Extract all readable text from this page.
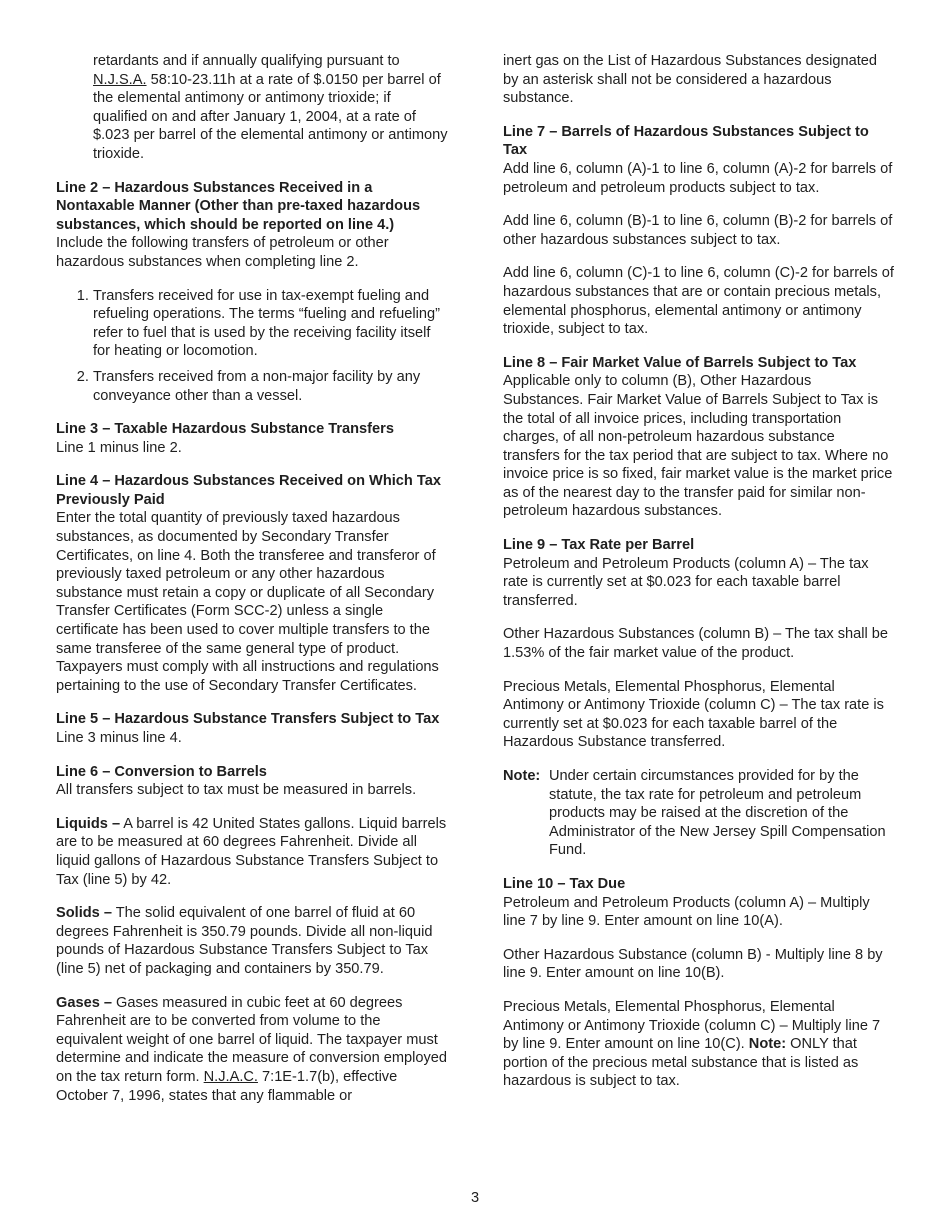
retardants and if annually qualifying pursuant to N.J.S.A. 58:10-23.11h at a rate of $.0150 per barrel of the elemental antimony or antimony trioxide; if qualified on and after January 1, 2004, at a rate of $.023 per barrel of the elemental antimony or antimony trioxide.

Line 2 – Hazardous Substances Received in a Nontaxable Manner (Other than pre-taxed hazardous substances, which should be reported on line 4.)
Include the following transfers of petroleum or other hazardous substances when completing line 2.

1. Transfers received for use in tax-exempt fueling and refueling operations. The terms “fueling and refueling” refer to fuel that is used by the receiving facility itself for heating or locomotion.
2. Transfers received from a non-major facility by any conveyance other than a vessel.

Line 3 – Taxable Hazardous Substance Transfers
Line 1 minus line 2.

Line 4 – Hazardous Substances Received on Which Tax Previously Paid
Enter the total quantity of previously taxed hazardous substances, as documented by Secondary Transfer Certificates, on line 4. Both the transferee and transferor of previously taxed petroleum or any other hazardous substance must retain a copy or duplicate of all Secondary Transfer Certificates (Form SCC-2) unless a single certificate has been used to cover multiple transfers to the same transferee of the same general type of product. Taxpayers must comply with all instructions and regulations pertaining to the use of Secondary Transfer Certificates.

Line 5 – Hazardous Substance Transfers Subject to Tax
Line 3 minus line 4.

Line 6 – Conversion to Barrels
All transfers subject to tax must be measured in barrels.

Liquids – A barrel is 42 United States gallons. Liquid barrels are to be measured at 60 degrees Fahrenheit. Divide all liquid gallons of Hazardous Substance Transfers Subject to Tax (line 5) by 42.

Solids – The solid equivalent of one barrel of fluid at 60 degrees Fahrenheit is 350.79 pounds. Divide all non-liquid pounds of Hazardous Substance Transfers Subject to Tax (line 5) net of packaging and containers by 350.79.

Gases – Gases measured in cubic feet at 60 degrees Fahrenheit are to be converted from volume to the equivalent weight of one barrel of liquid. The taxpayer must determine and indicate the measure of conversion employed on the tax return form. N.J.A.C. 7:1E-1.7(b), effective October 7, 1996, states that any flammable or

inert gas on the List of Hazardous Substances designated by an asterisk shall not be considered a hazardous substance.

Line 7 – Barrels of Hazardous Substances Subject to Tax
Add line 6, column (A)-1 to line 6, column (A)-2 for barrels of petroleum and petroleum products subject to tax.

Add line 6, column (B)-1 to line 6, column (B)-2 for barrels of other hazardous substances subject to tax.

Add line 6, column (C)-1 to line 6, column (C)-2 for barrels of hazardous substances that are or contain precious metals, elemental phosphorus, elemental antimony or antimony trioxide, subject to tax.

Line 8 – Fair Market Value of Barrels Subject to Tax
Applicable only to column (B), Other Hazardous Substances. Fair Market Value of Barrels Subject to Tax is the total of all invoice prices, including transportation charges, of all non-petroleum hazardous substance transfers for the tax period that are subject to tax. Where no invoice price is so fixed, fair market value is the market price as of the nearest day to the transfer paid for similar non-petroleum hazardous substances.

Line 9 – Tax Rate per Barrel
Petroleum and Petroleum Products (column A) – The tax rate is currently set at $0.023 for each taxable barrel transferred.

Other Hazardous Substances (column B) – The tax shall be 1.53% of the fair market value of the product.

Precious Metals, Elemental Phosphorus, Elemental Antimony or Antimony Trioxide (column C) – The tax rate is currently set at $0.023 for each taxable barrel of the Hazardous Substance transferred.

Note: Under certain circumstances provided for by the statute, the tax rate for petroleum and petroleum products may be raised at the discretion of the Administrator of the New Jersey Spill Compensation Fund.

Line 10 – Tax Due
Petroleum and Petroleum Products (column A) – Multiply line 7 by line 9. Enter amount on line 10(A).

Other Hazardous Substance (column B) - Multiply line 8 by line 9. Enter amount on line 10(B).

Precious Metals, Elemental Phosphorus, Elemental Antimony or Antimony Trioxide (column C) – Multiply line 7 by line 9. Enter amount on line 10(C). Note: ONLY that portion of the precious metal substance that is listed as hazardous is subject to tax.

3
